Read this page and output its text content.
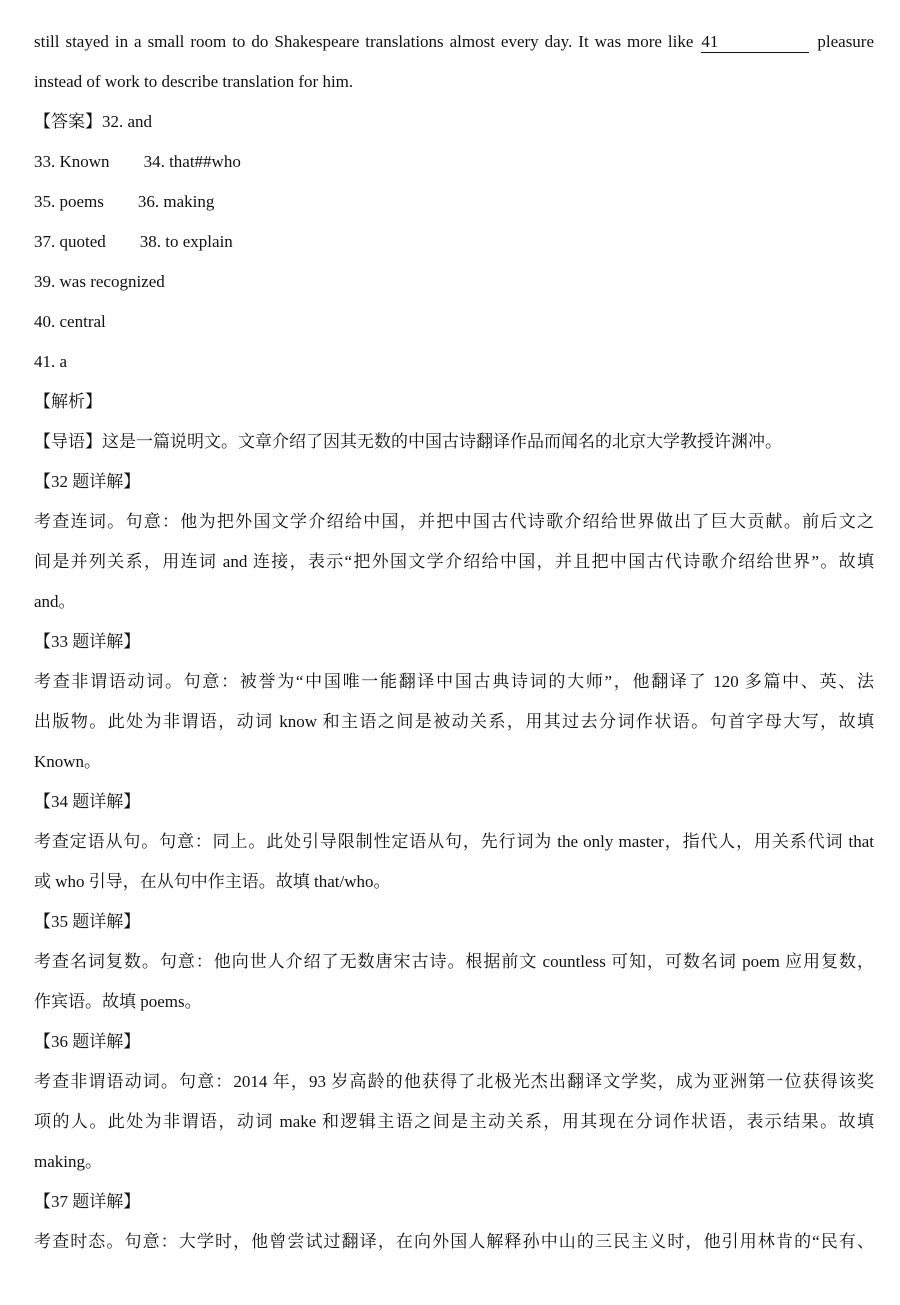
still stayed in a small room to do Shakespeare translations almost every day. It was more like 41	pleasure
instead of work to describe translation for him.
【答案】32. and
33. Known 34. that##who
35. poems 36. making
37. quoted 38. to explain
39. was recognized
40. central
41. a
【解析】
【导语】这是一篇说明文。文章介绍了因其无数的中国古诗翻译作品而闻名的北京大学教授许渊冲。
【32 题详解】
考查连词。句意：他为把外国文学介绍给中国，并把中国古代诗歌介绍给世界做出了巨大贡献。前后文之
间是并列关系，用连词 and 连接，表示“把外国文学介绍给中国，并且把中国古代诗歌介绍给世界”。故填
and。
【33 题详解】
考查非谓语动词。句意：被誉为“中国唯一能翻译中国古典诗词的大师”，他翻译了 120 多篇中、英、法
出版物。此处为非谓语，动词 know 和主语之间是被动关系，用其过去分词作状语。句首字母大写，故填
Known。
【34 题详解】
考查定语从句。句意：同上。此处引导限制性定语从句，先行词为 the only master，指代人，用关系代词 that
或 who 引导，在从句中作主语。故填 that/who。
【35 题详解】
考查名词复数。句意：他向世人介绍了无数唐宋古诗。根据前文 countless 可知，可数名词 poem 应用复数，
作宾语。故填 poems。
【36 题详解】
考查非谓语动词。句意：2014 年，93 岁高龄的他获得了北极光杰出翻译文学奖，成为亚洲第一位获得该奖
项的人。此处为非谓语，动词 make 和逻辑主语之间是主动关系，用其现在分词作状语，表示结果。故填
making。
【37 题详解】
考查时态。句意：大学时，他曾尝试过翻译，在向外国人解释孙中山的三民主义时，他引用林肯的“民有、
